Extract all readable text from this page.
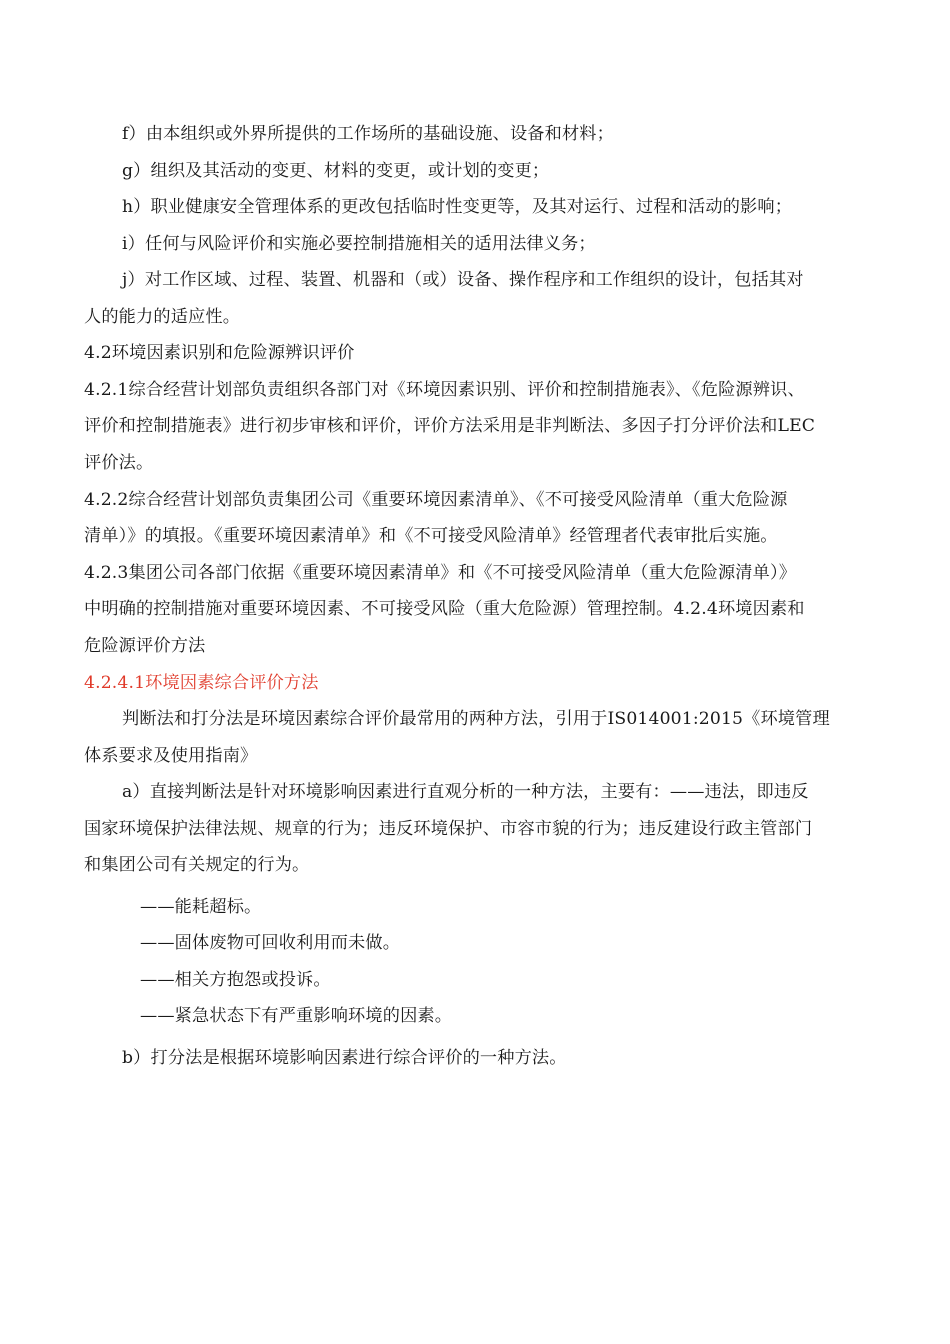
f）由本组织或外界所提供的工作场所的基础设施、设备和材料；
g）组织及其活动的变更、材料的变更，或计划的变更；
h）职业健康安全管理体系的更改包括临时性变更等，及其对运行、过程和活动的影响；
i）任何与风险评价和实施必要控制措施相关的适用法律义务；
j）对工作区域、过程、装置、机器和（或）设备、操作程序和工作组织的设计，包括其对
人的能力的适应性。
4.2环境因素识别和危险源辨识评价
4.2.1综合经营计划部负责组织各部门对《环境因素识别、评价和控制措施表》、《危险源辨识、
评价和控制措施表》进行初步审核和评价，评价方法采用是非判断法、多因子打分评价法和LEC
评价法。
4.2.2综合经营计划部负责集团公司《重要环境因素清单》、《不可接受风险清单（重大危险源
清单）》的填报。《重要环境因素清单》和《不可接受风险清单》经管理者代表审批后实施。
4.2.3集团公司各部门依据《重要环境因素清单》和《不可接受风险清单（重大危险源清单）》
中明确的控制措施对重要环境因素、不可接受风险（重大危险源）管理控制。4.2.4环境因素和
危险源评价方法
4.2.4.1环境因素综合评价方法
判断法和打分法是环境因素综合评价最常用的两种方法，引用于IS014001:2015《环境管理
体系要求及使用指南》
a）直接判断法是针对环境影响因素进行直观分析的一种方法，主要有：——违法，即违反
国家环境保护法律法规、规章的行为；违反环境保护、市容市貌的行为；违反建设行政主管部门
和集团公司有关规定的行为。
——能耗超标。
——固体废物可回收利用而未做。
——相关方抱怨或投诉。
——紧急状态下有严重影响环境的因素。
b）打分法是根据环境影响因素进行综合评价的一种方法。
